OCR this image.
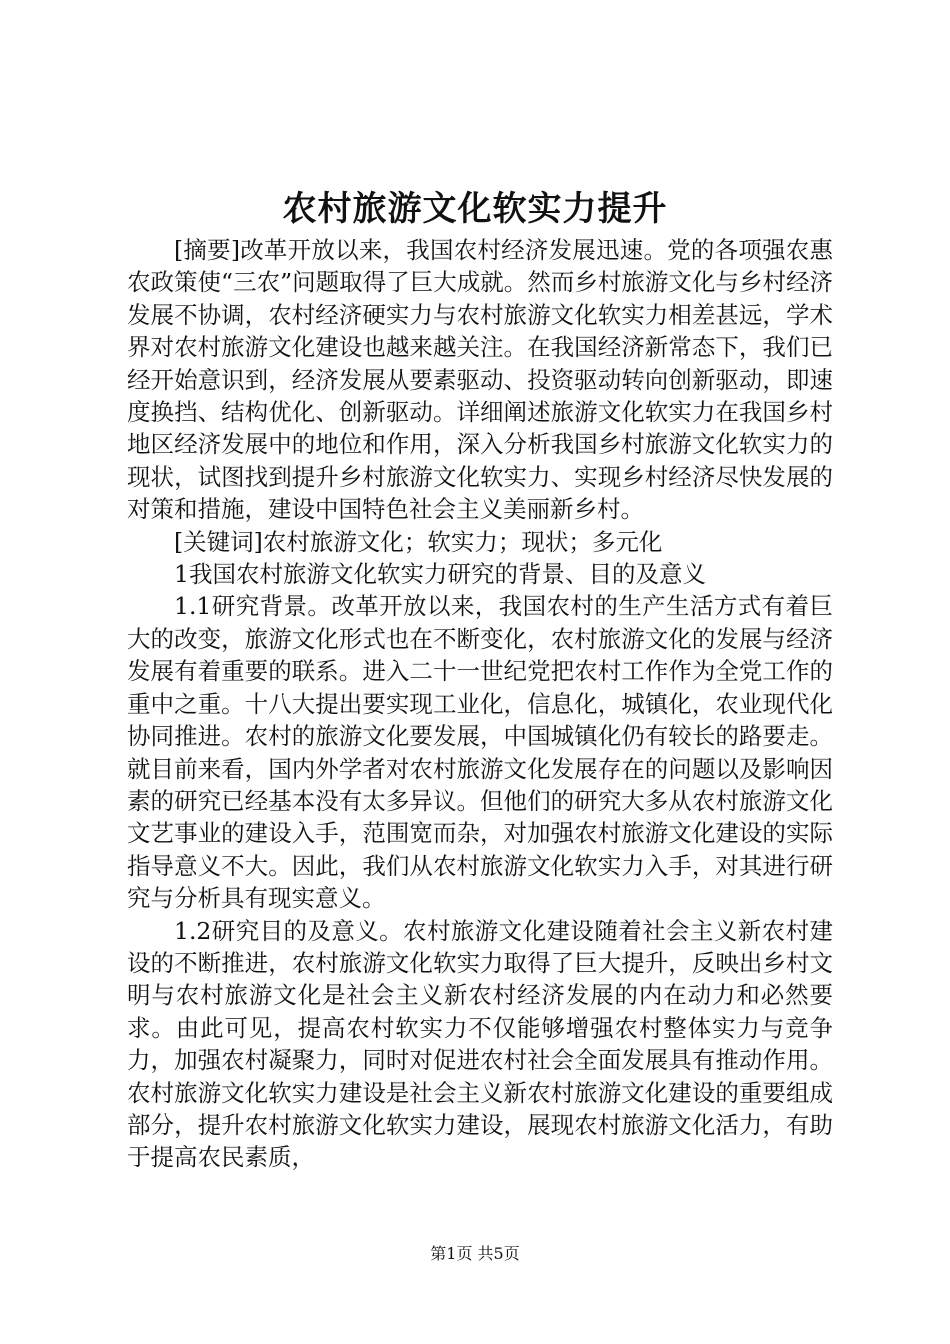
农村旅游文化软实力提升

[摘要]改革开放以来，我国农村经济发展迅速。党的各项强农惠农政策使“三农”问题取得了巨大成就。然而乡村旅游文化与乡村经济发展不协调，农村经济硬实力与农村旅游文化软实力相差甚远，学术界对农村旅游文化建设也越来越关注。在我国经济新常态下，我们已经开始意识到，经济发展从要素驱动、投资驱动转向创新驱动，即速度换挡、结构优化、创新驱动。详细阐述旅游文化软实力在我国乡村地区经济发展中的地位和作用，深入分析我国乡村旅游文化软实力的现状，试图找到提升乡村旅游文化软实力、实现乡村经济尽快发展的对策和措施，建设中国特色社会主义美丽新乡村。

[关键词]农村旅游文化；软实力；现状；多元化

1我国农村旅游文化软实力研究的背景、目的及意义

1.1研究背景。改革开放以来，我国农村的生产生活方式有着巨大的改变，旅游文化形式也在不断变化，农村旅游文化的发展与经济发展有着重要的联系。进入二十一世纪党把农村工作作为全党工作的重中之重。十八大提出要实现工业化，信息化，城镇化，农业现代化协同推进。农村的旅游文化要发展，中国城镇化仍有较长的路要走。就目前来看，国内外学者对农村旅游文化发展存在的问题以及影响因素的研究已经基本没有太多异议。但他们的研究大多从农村旅游文化文艺事业的建设入手，范围宽而杂，对加强农村旅游文化建设的实际指导意义不大。因此，我们从农村旅游文化软实力入手，对其进行研究与分析具有现实意义。

1.2研究目的及意义。农村旅游文化建设随着社会主义新农村建设的不断推进，农村旅游文化软实力取得了巨大提升，反映出乡村文明与农村旅游文化是社会主义新农村经济发展的内在动力和必然要求。由此可见，提高农村软实力不仅能够增强农村整体实力与竞争力，加强农村凝聚力，同时对促进农村社会全面发展具有推动作用。农村旅游文化软实力建设是社会主义新农村旅游文化建设的重要组成部分，提升农村旅游文化软实力建设，展现农村旅游文化活力，有助于提高农民素质，

第1页 共5页
